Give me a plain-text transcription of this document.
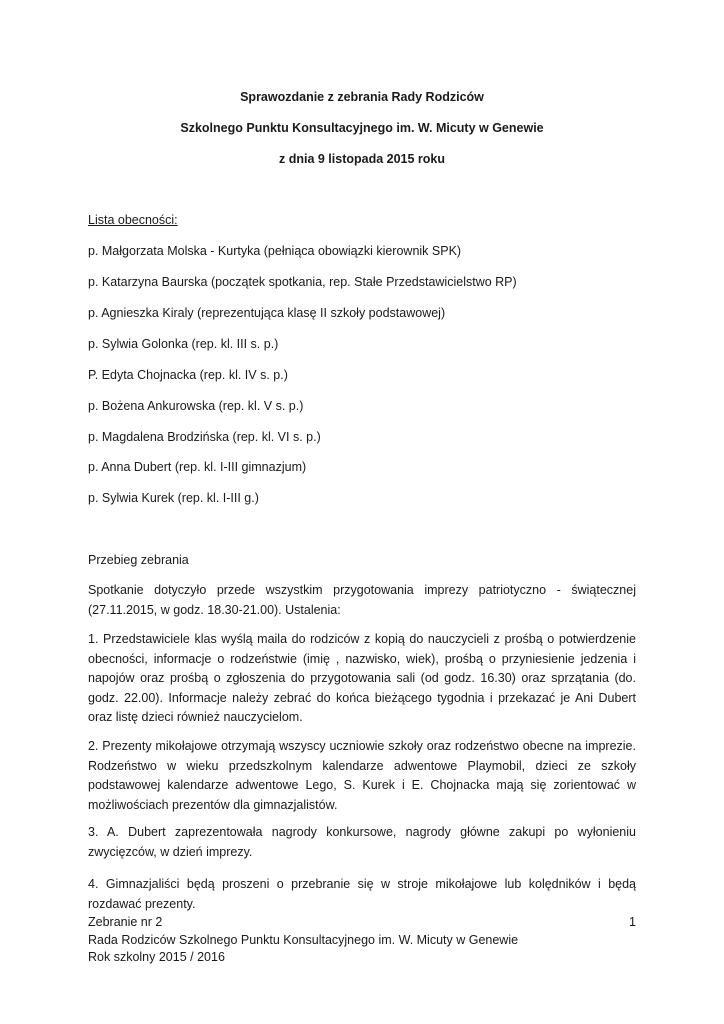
Sprawozdanie z zebrania Rady Rodziców

Szkolnego Punktu Konsultacyjnego im. W. Micuty w Genewie

z dnia 9 listopada 2015 roku

Lista obecności:

p. Małgorzata Molska - Kurtyka (pełniąca obowiązki kierownik SPK)

p. Katarzyna Baurska (początek spotkania, rep. Stałe Przedstawicielstwo RP)

p. Agnieszka Kiraly (reprezentująca klasę II szkoły podstawowej)

p. Sylwia Golonka (rep. kl. III s. p.)

P. Edyta Chojnacka (rep. kl. IV s. p.)

p. Bożena Ankurowska (rep. kl. V s. p.)

p. Magdalena Brodzińska (rep. kl. VI s. p.)

p. Anna Dubert (rep. kl. I-III gimnazjum)

p. Sylwia Kurek (rep. kl. I-III g.)

Przebieg zebrania

Spotkanie dotyczyło przede wszystkim przygotowania imprezy patriotyczno - świątecznej (27.11.2015, w godz. 18.30-21.00). Ustalenia:

1. Przedstawiciele klas wyślą maila do rodziców z kopią do nauczycieli z prośbą o potwierdzenie obecności, informacje o rodzeństwie (imię , nazwisko, wiek), prośbą o przyniesienie jedzenia i napojów oraz prośbą o zgłoszenia do przygotowania sali (od godz. 16.30) oraz sprzątania (do. godz. 22.00). Informacje należy zebrać do końca bieżącego tygodnia i przekazać je Ani Dubert oraz listę dzieci również nauczycielom.

2. Prezenty mikołajowe otrzymają wszyscy uczniowie szkoły oraz rodzeństwo obecne na imprezie. Rodzeństwo w wieku przedszkolnym kalendarze adwentowe Playmobil, dzieci ze szkoły podstawowej kalendarze adwentowe Lego, S. Kurek i E. Chojnacka mają się zorientować w możliwościach prezentów dla gimnazjalistów.

3. A. Dubert zaprezentowała nagrody konkursowe, nagrody główne zakupi po wyłonieniu zwycięzców, w dzień imprezy.

4. Gimnazjaliści będą proszeni o przebranie się w stroje mikołajowe lub kolędników i będą rozdawać prezenty.

Zebranie nr 2	1

Rada Rodziców Szkolnego Punktu Konsultacyjnego im. W. Micuty w Genewie

Rok szkolny 2015 / 2016
